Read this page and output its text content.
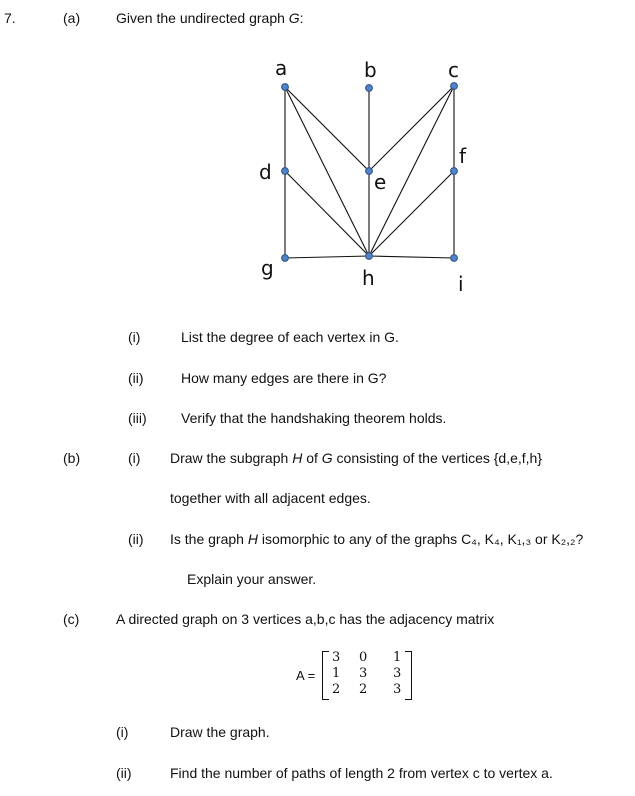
7.	(a)	Given the undirected graph G:
a	b	c
d	e
f
g	h	i
(i)	List the degree of each vertex in G.
(ii)	How many edges are there in G?
(iii) Verify that the handshaking theorem holds.
(b)	(i) Draw the subgraph H of G consisting of the vertices {d,e,f,h}
together with all adjacent edges.
(ii) Is the graph H isomorphic to any of the graphs C₄, K₄, K₁,₃ or K₂,₂?
Explain your answer.
(c)	A directed graph on 3 vertices a,b,c has the adjacency matrix
A =
3 0 1
1 3 3
2 2 3
(i)	Draw the graph.
(ii)	Find the number of paths of length 2 from vertex c to vertex a.
